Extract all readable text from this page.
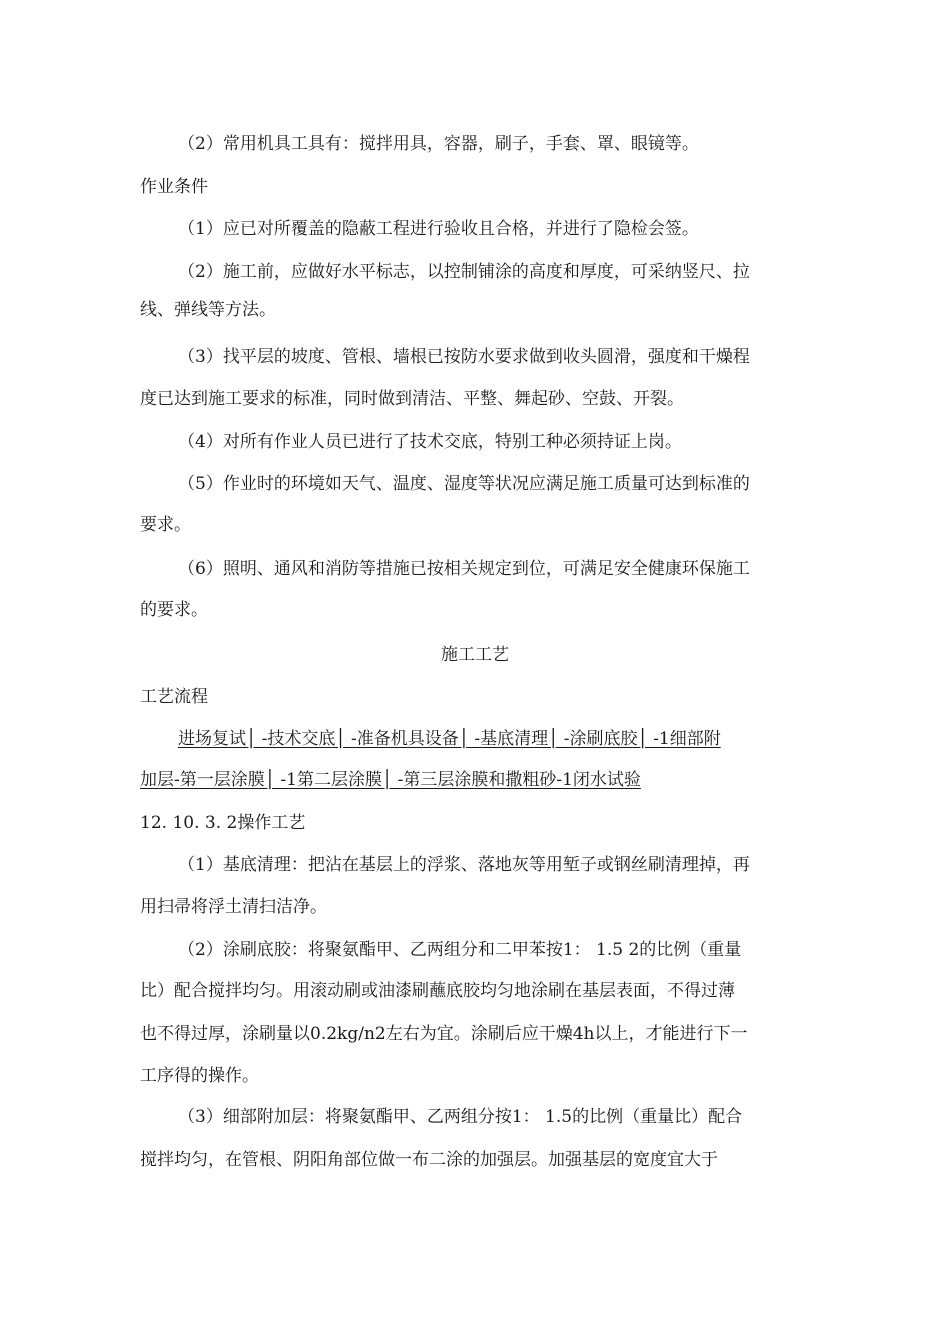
（2）常用机具工具有：搅拌用具，容器，刷子，手套、罩、眼镜等。
作业条件
（1）应已对所覆盖的隐蔽工程进行验收且合格，并进行了隐检会签。
（2）施工前，应做好水平标志，以控制铺涂的高度和厚度，可采纳竖尺、拉
线、弹线等方法。
（3）找平层的坡度、管根、墙根已按防水要求做到收头圆滑，强度和干燥程
度已达到施工要求的标准，同时做到清洁、平整、舞起砂、空鼓、开裂。
（4）对所有作业人员已进行了技术交底，特别工种必须持证上岗。
（5）作业时的环境如天气、温度、湿度等状况应满足施工质量可达到标准的
要求。
（6）照明、通风和消防等措施已按相关规定到位，可满足安全健康环保施工
的要求。
施工工艺
工艺流程
进场复试│ -技术交底│ -准备机具设备│ -基底清理│ -涂刷底胶│ -1细部附
加层-第一层涂膜│ -1第二层涂膜│ -第三层涂膜和撒粗砂-1闭水试验
12. 10. 3. 2操作工艺
（1）基底清理：把沾在基层上的浮浆、落地灰等用堑子或钢丝刷清理掉，再
用扫帚将浮土清扫洁净。
（2）涂刷底胶：将聚氨酯甲、乙两组分和二甲苯按1： 1.5 2的比例（重量
比）配合搅拌均匀。用滚动刷或油漆刷蘸底胶均匀地涂刷在基层表面，不得过薄
也不得过厚，涂刷量以0.2kg/n2左右为宜。涂刷后应干燥4h以上，才能进行下一
工序得的操作。
（3）细部附加层：将聚氨酯甲、乙两组分按1： 1.5的比例（重量比）配合
搅拌均匀，在管根、阴阳角部位做一布二涂的加强层。加强基层的宽度宜大于
